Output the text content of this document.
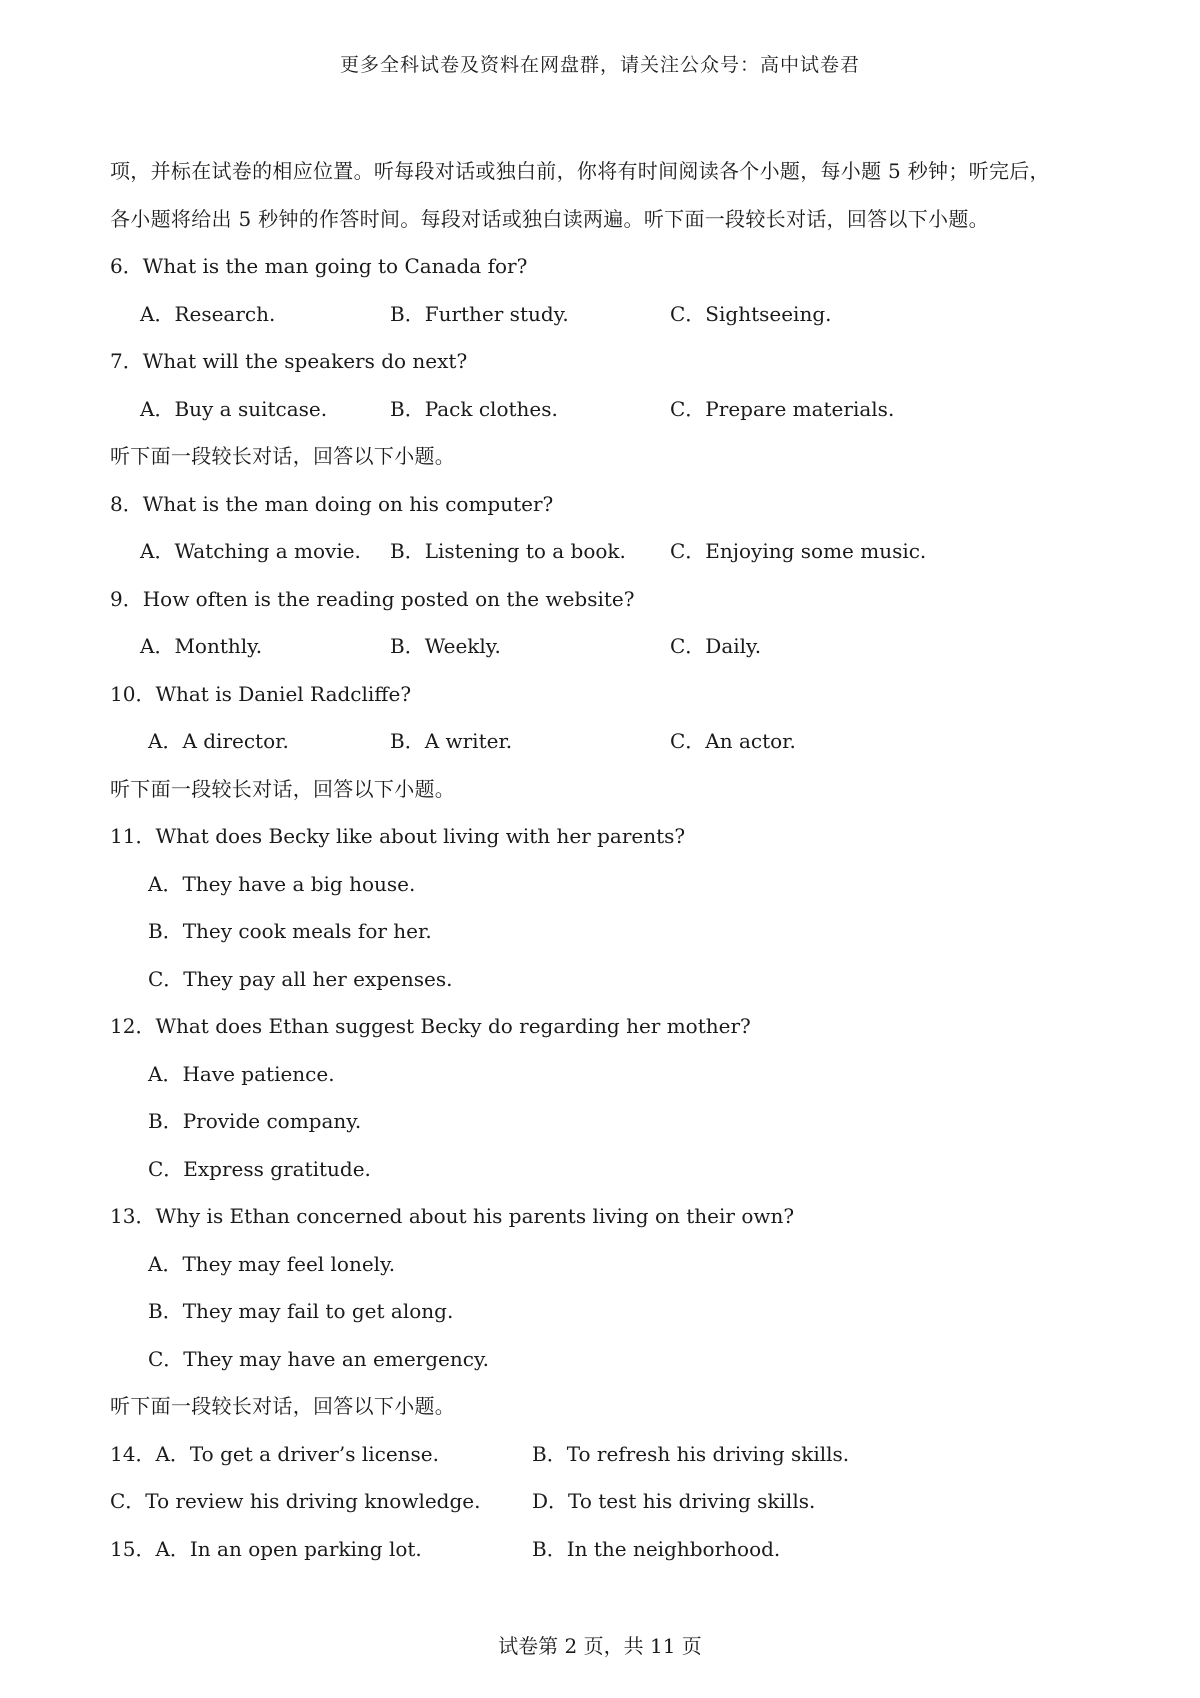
更多全科试卷及资料在网盘群，请关注公众号：高中试卷君
项，并标在试卷的相应位置。听每段对话或独白前，你将有时间阅读各个小题，每小题 5 秒钟；听完后，
各小题将给出 5 秒钟的作答时间。每段对话或独白读两遍。听下面一段较长对话，回答以下小题。
6．What is the man going to Canada for?
A．Research.	B．Further study.	C．Sightseeing.
7．What will the speakers do next?
A．Buy a suitcase.	B．Pack clothes.	C．Prepare materials.
听下面一段较长对话，回答以下小题。
8．What is the man doing on his computer?
A．Watching a movie. B．Listening to a book. C．Enjoying some music.
9．How often is the reading posted on the website?
A．Monthly.	B．Weekly.	C．Daily.
10．What is Daniel Radcliffe?
A．A director.	B．A writer.	C．An actor.
听下面一段较长对话，回答以下小题。
11．What does Becky like about living with her parents?
A．They have a big house.
B．They cook meals for her.
C．They pay all her expenses.
12．What does Ethan suggest Becky do regarding her mother?
A．Have patience.
B．Provide company.
C．Express gratitude.
13．Why is Ethan concerned about his parents living on their own?
A．They may feel lonely.
B．They may fail to get along.
C．They may have an emergency.
听下面一段较长对话，回答以下小题。
14．A．To get a driver’s license.	B．To refresh his driving skills.
C．To review his driving knowledge.	D．To test his driving skills.
15．A．In an open parking lot.	B．In the neighborhood.
试卷第 2 页，共 11 页
